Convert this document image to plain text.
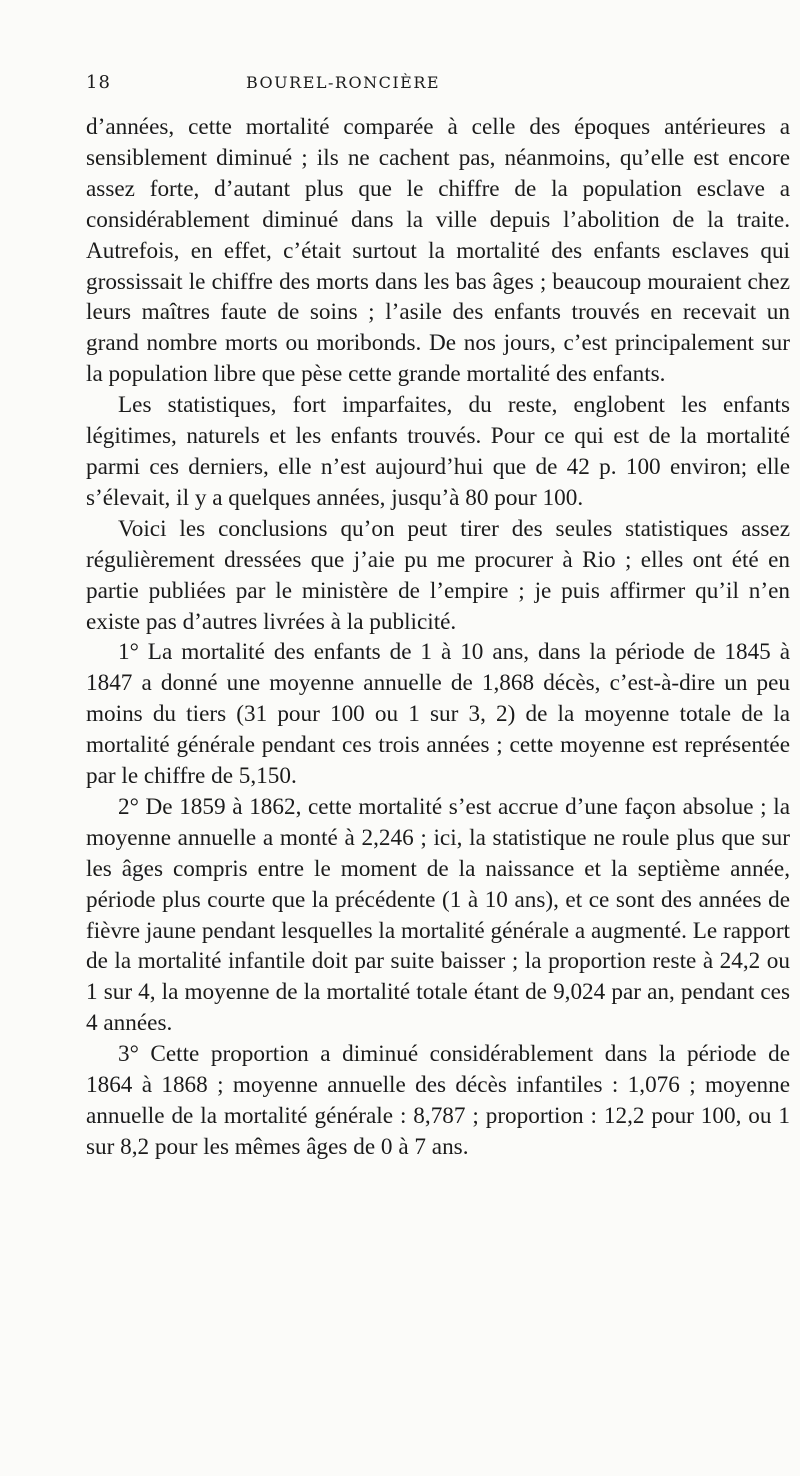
18	BOUREL-RONCIÈRE

d’années, cette mortalité comparée à celle des époques antérieures a sensiblement diminué ; ils ne cachent pas, néanmoins, qu’elle est encore assez forte, d’autant plus que le chiffre de la population esclave a considérablement diminué dans la ville depuis l’abolition de la traite. Autrefois, en effet, c’était surtout la mortalité des enfants esclaves qui grossissait le chiffre des morts dans les bas âges ; beaucoup mouraient chez leurs maîtres faute de soins ; l’asile des enfants trouvés en recevait un grand nombre morts ou moribonds. De nos jours, c’est principalement sur la population libre que pèse cette grande mortalité des enfants.

Les statistiques, fort imparfaites, du reste, englobent les enfants légitimes, naturels et les enfants trouvés. Pour ce qui est de la mortalité parmi ces derniers, elle n’est aujourd’hui que de 42 p. 100 environ; elle s’élevait, il y a quelques années, jusqu’à 80 pour 100.

Voici les conclusions qu’on peut tirer des seules statistiques assez régulièrement dressées que j’aie pu me procurer à Rio ; elles ont été en partie publiées par le ministère de l’empire ; je puis affirmer qu’il n’en existe pas d’autres livrées à la publicité.

1° La mortalité des enfants de 1 à 10 ans, dans la période de 1845 à 1847 a donné une moyenne annuelle de 1,868 décès, c’est-à-dire un peu moins du tiers (31 pour 100 ou 1 sur 3, 2) de la moyenne totale de la mortalité générale pendant ces trois années ; cette moyenne est représentée par le chiffre de 5,150.

2° De 1859 à 1862, cette mortalité s’est accrue d’une façon absolue ; la moyenne annuelle a monté à 2,246 ; ici, la statistique ne roule plus que sur les âges compris entre le moment de la naissance et la septième année, période plus courte que la précédente (1 à 10 ans), et ce sont des années de fièvre jaune pendant lesquelles la mortalité générale a augmenté. Le rapport de la mortalité infantile doit par suite baisser ; la proportion reste à 24,2 ou 1 sur 4, la moyenne de la mortalité totale étant de 9,024 par an, pendant ces 4 années.

3° Cette proportion a diminué considérablement dans la période de 1864 à 1868 ; moyenne annuelle des décès infantiles : 1,076 ; moyenne annuelle de la mortalité générale : 8,787 ; proportion : 12,2 pour 100, ou 1 sur 8,2 pour les mêmes âges de 0 à 7 ans.
